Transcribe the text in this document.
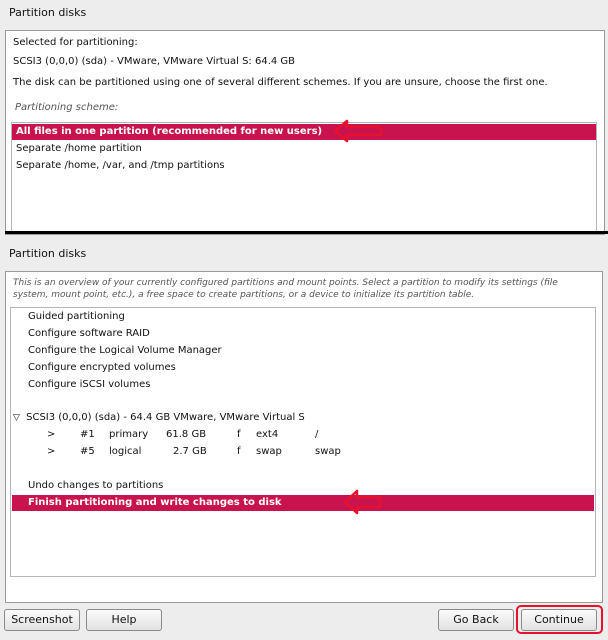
Partition disks
Selected for partitioning:
SCSI3 (0,0,0) (sda) - VMware, VMware Virtual S: 64.4 GB
The disk can be partitioned using one of several different schemes. If you are unsure, choose the first one.
Partitioning scheme:
All files in one partition (recommended for new users)
Separate /home partition
Separate /home, /var, and /tmp partitions
Partition disks
This is an overview of your currently configured partitions and mount points. Select a partition to modify its settings (file system, mount point, etc.), a free space to create partitions, or a device to initialize its partition table.
Guided partitioning
Configure software RAID
Configure the Logical Volume Manager
Configure encrypted volumes
Configure iSCSI volumes
▽ SCSI3 (0,0,0) (sda) - 64.4 GB VMware, VMware Virtual S
> #1 primary 61.8 GB	f ext4	/
> #5 logical	2.7 GB	f swap	swap
Undo changes to partitions
Finish partitioning and write changes to disk
Screenshot	Help	Go Back	Continue
